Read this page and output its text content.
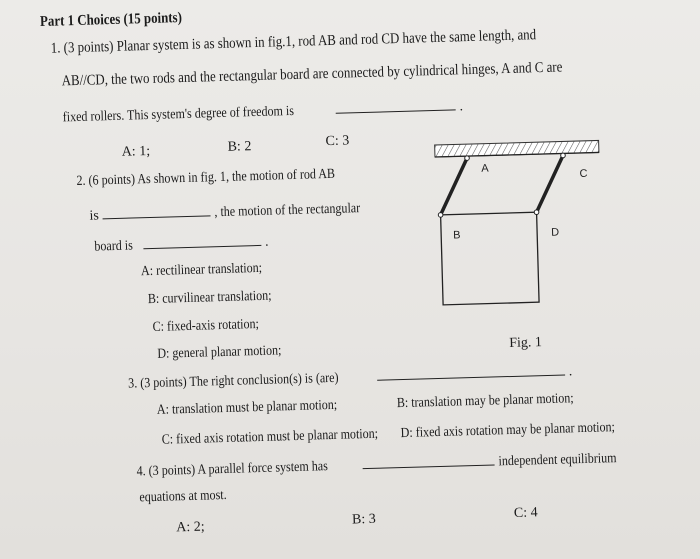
Part 1 Choices (15 points)
1. (3 points) Planar system is as shown in fig.1, rod AB and rod CD have the same length, and
AB//CD, the two rods and the rectangular board are connected by cylindrical hinges, A and C are
fixed rollers. This system's degree of freedom is	.
A: 1;	B: 2	C: 3
2. (6 points) As shown in fig. 1, the motion of rod AB
is	, the motion of the rectangular
board is	.
A: rectilinear translation;
B: curvilinear translation;
C: fixed-axis rotation;
D: general planar motion;
A	C
B	D
Fig. 1
3. (3 points) The right conclusion(s) is (are)	.
A: translation must be planar motion;	B: translation may be planar motion;
C: fixed axis rotation must be planar motion;	D: fixed axis rotation may be planar motion;
4. (3 points) A parallel force system has	independent equilibrium
equations at most.
A: 2;	B: 3	C: 4
